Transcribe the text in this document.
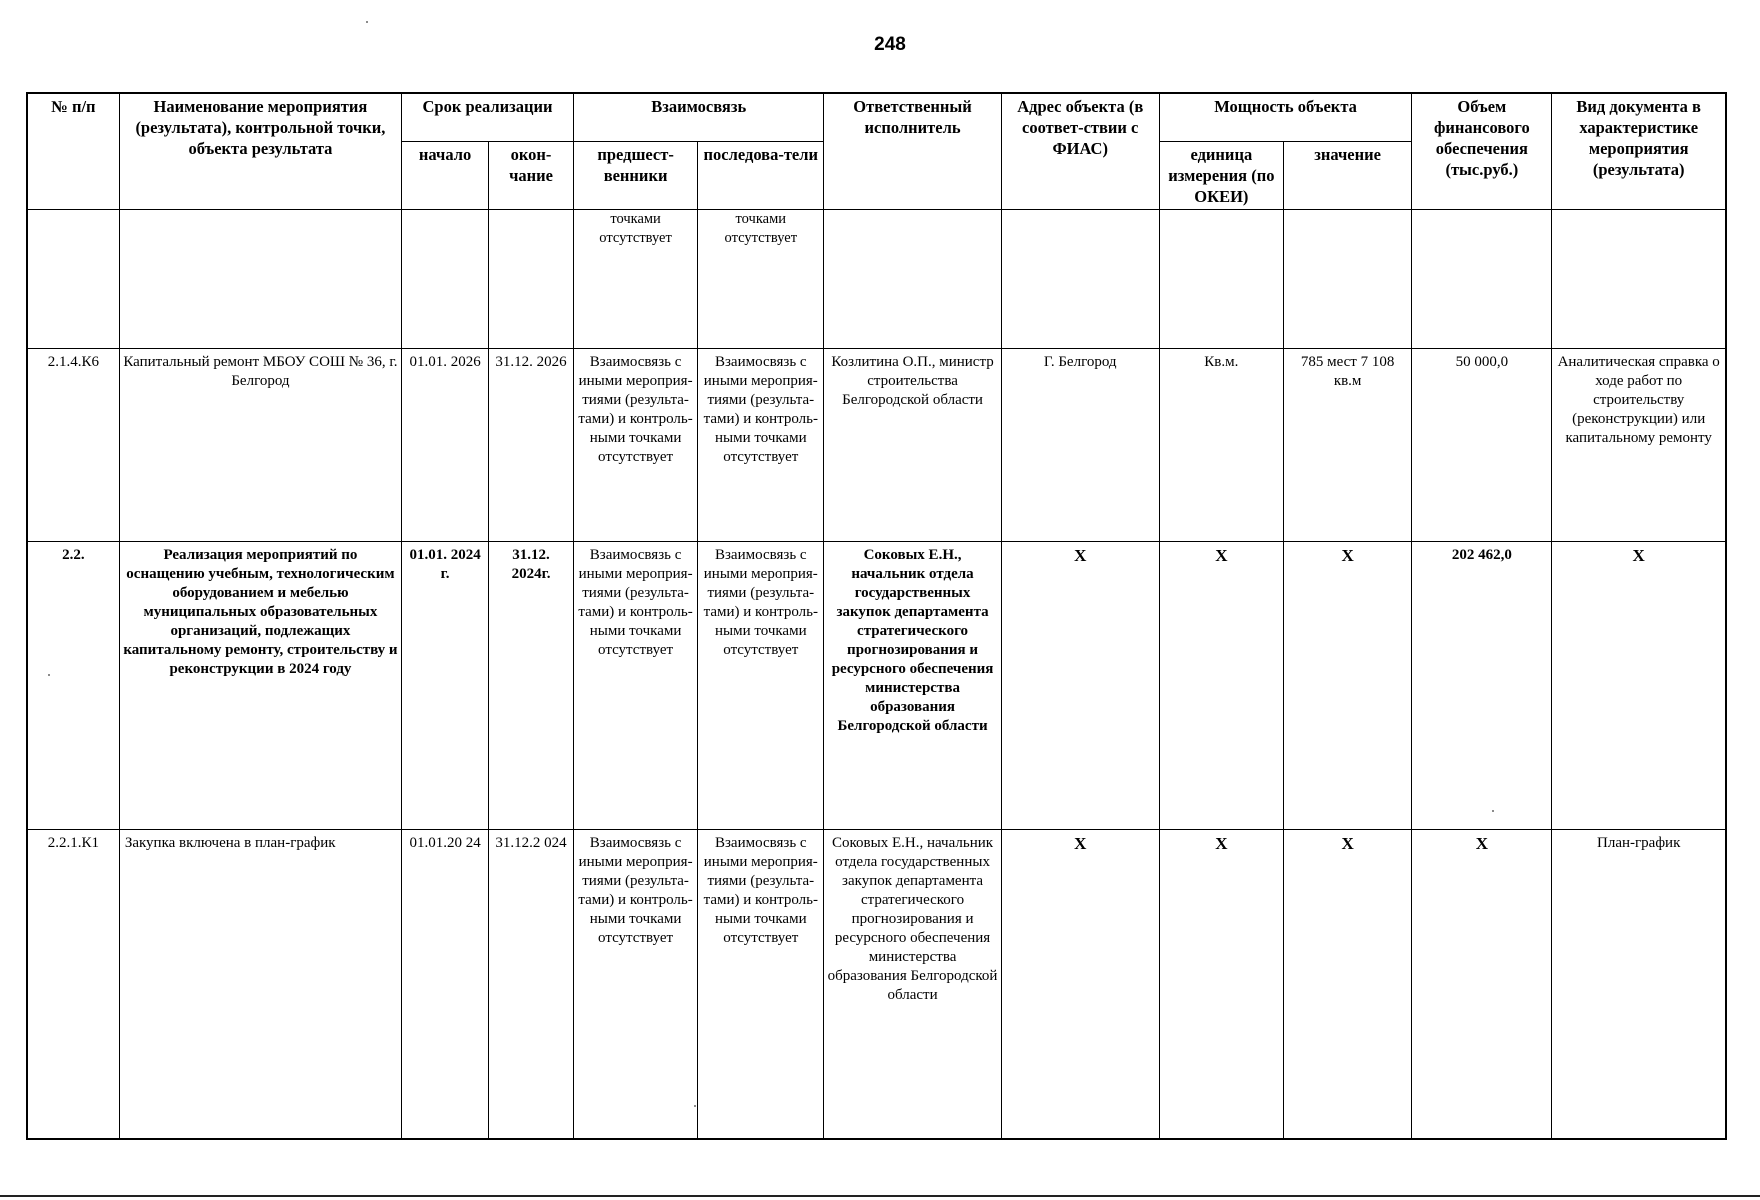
248
№ п/п	Наименование мероприятия (результата), контрольной точки, объекта результата	Срок реализации		Взаимосвязь		Ответственный исполнитель	Адрес объекта (в соответ-ствии с ФИАС)	Мощность объекта		Объем финансового обеспечения (тыс.руб.)	Вид документа в характеристике мероприятия (результата)
		начало	окон-чание	предшест-венники	последова-тели			единица измерения (по ОКЕИ)	значение		
				точками отсутствует	точками отсутствует						
2.1.4.К6	Капитальный ремонт МБОУ СОШ № 36, г. Белгород	01.01. 2026	31.12. 2026	Взаимосвязь с иными мероприя-тиями (результа-тами) и контроль-ными точками отсутствует	Взаимосвязь с иными мероприя-тиями (результа-тами) и контроль-ными точками отсутствует	Козлитина О.П., министр строительства Белгородской области	Г. Белгород	Кв.м.	785 мест 7 108 кв.м	50 000,0	Аналитическая справка о ходе работ по строительству (реконструкции) или капитальному ремонту
2.2.	Реализация мероприятий по оснащению учебным, технологическим оборудованием и мебелью муниципальных образовательных организаций, подлежащих капитальному ремонту, строительству и реконструкции в 2024 году	01.01. 2024 г.	31.12. 2024г.	Взаимосвязь с иными мероприя-тиями (результа-тами) и контроль-ными точками отсутствует	Взаимосвязь с иными мероприя-тиями (результа-тами) и контроль-ными точками отсутствует	Соковых Е.Н., начальник отдела государственных закупок департамента стратегического прогнозирования и ресурсного обеспечения министерства образования Белгородской области	X	X	X	202 462,0	X
2.2.1.К1	Закупка включена в план-график	01.01.20 24	31.12.2 024	Взаимосвязь с иными мероприя-тиями (результа-тами) и контроль-ными точками отсутствует	Взаимосвязь с иными мероприя-тиями (результа-тами) и контроль-ными точками отсутствует	Соковых Е.Н., начальник отдела государственных закупок департамента стратегического прогнозирования и ресурсного обеспечения министерства образования Белгородской области	X	X	X	X	План-график
